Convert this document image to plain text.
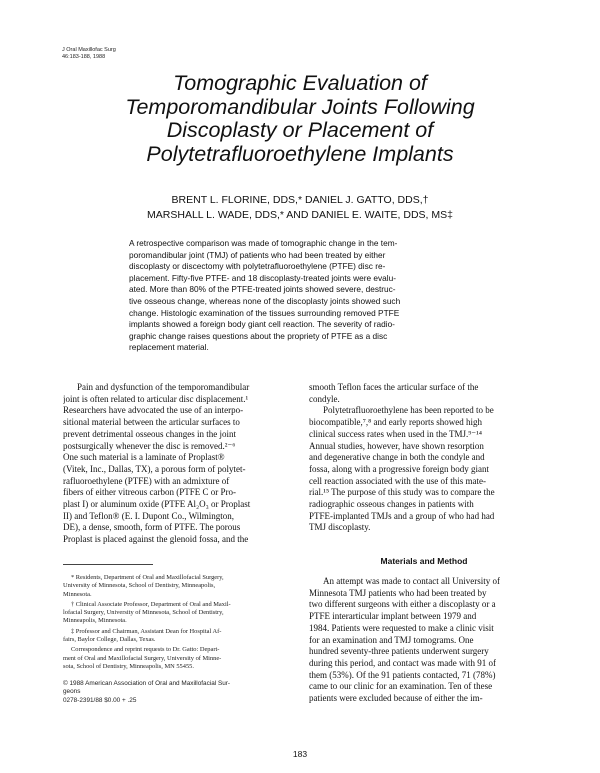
J Oral Maxillofac Surg
46:183-188, 1988
Tomographic Evaluation of
Temporomandibular Joints Following
Discoplasty or Placement of
Polytetrafluoroethylene Implants
BRENT L. FLORINE, DDS,* DANIEL J. GATTO, DDS,†
MARSHALL L. WADE, DDS,* AND DANIEL E. WAITE, DDS, MS‡
A retrospective comparison was made of tomographic change in the tem-
poromandibular joint (TMJ) of patients who had been treated by either
discoplasty or discectomy with polytetrafluoroethylene (PTFE) disc re-
placement. Fifty-five PTFE- and 18 discoplasty-treated joints were evalu-
ated. More than 80% of the PTFE-treated joints showed severe, destruc-
tive osseous change, whereas none of the discoplasty joints showed such
change. Histologic examination of the tissues surrounding removed PTFE
implants showed a foreign body giant cell reaction. The severity of radio-
graphic change raises questions about the propriety of PTFE as a disc
replacement material.
Pain and dysfunction of the temporomandibular
joint is often related to articular disc displacement.¹
Researchers have advocated the use of an interpo-
sitional material between the articular surfaces to
prevent detrimental osseous changes in the joint
postsurgically whenever the disc is removed.²⁻⁶
One such material is a laminate of Proplast®
(Vitek, Inc., Dallas, TX), a porous form of polytet-
rafluoroethylene (PTFE) with an admixture of
fibers of either vitreous carbon (PTFE C or Pro-
plast I) or aluminum oxide (PTFE Al₂O₃ or Proplast
II) and Teflon® (E. I. Dupont Co., Wilmington,
DE), a dense, smooth, form of PTFE. The porous
Proplast is placed against the glenoid fossa, and the
* Residents, Department of Oral and Maxillofacial Surgery,
University of Minnesota, School of Dentistry, Minneapolis,
Minnesota.
† Clinical Associate Professor, Department of Oral and Maxil-
lofacial Surgery, University of Minnesota, School of Dentistry,
Minneapolis, Minnesota.
‡ Professor and Chairman, Assistant Dean for Hospital Af-
fairs, Baylor College, Dallas, Texas.
Correspondence and reprint requests to Dr. Gatto: Depart-
ment of Oral and Maxillofacial Surgery, University of Minne-
sota, School of Dentistry, Minneapolis, MN 55455.
© 1988 American Association of Oral and Maxillofacial Sur-
geons
0278-2391/88 $0.00 + .25
smooth Teflon faces the articular surface of the
condyle.
Polytetrafluoroethylene has been reported to be
biocompatible,⁷,⁸ and early reports showed high
clinical success rates when used in the TMJ.⁹⁻¹⁴
Annual studies, however, have shown resorption
and degenerative change in both the condyle and
fossa, along with a progressive foreign body giant
cell reaction associated with the use of this mate-
rial.¹⁵ The purpose of this study was to compare the
radiographic osseous changes in patients with
PTFE-implanted TMJs and a group of who had had
TMJ discoplasty.
Materials and Method
An attempt was made to contact all University of
Minnesota TMJ patients who had been treated by
two different surgeons with either a discoplasty or a
PTFE interarticular implant between 1979 and
1984. Patients were requested to make a clinic visit
for an examination and TMJ tomograms. One
hundred seventy-three patients underwent surgery
during this period, and contact was made with 91 of
them (53%). Of the 91 patients contacted, 71 (78%)
came to our clinic for an examination. Ten of these
patients were excluded because of either the im-
183
